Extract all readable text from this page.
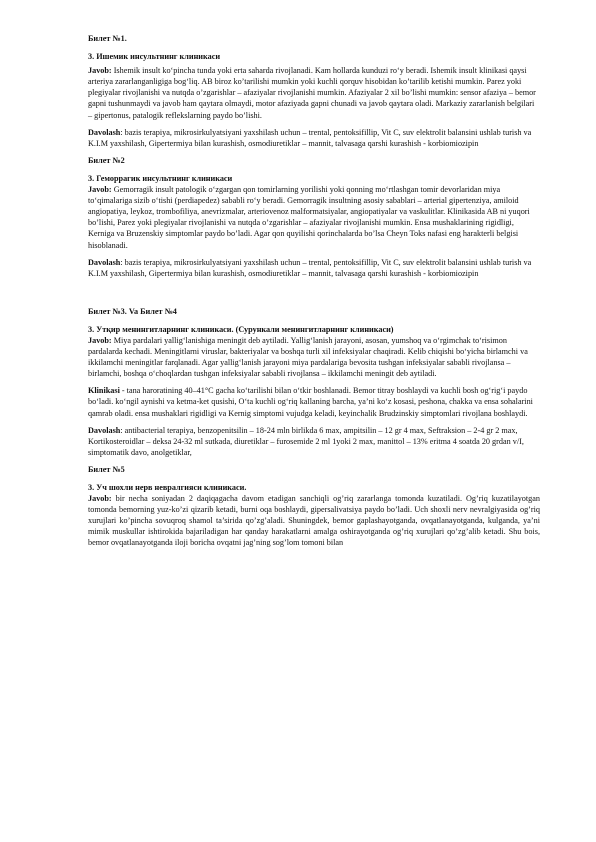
Билет №1.
3. Ишемик инсультнинг клиникаси

Javob: Ishemik insult ko‘pincha tunda yoki erta saharda rivojlanadi. Kam hollarda kunduzi ro‘y beradi. Ishemik insult klinikasi qaysi arteriya zararlanganligiga bog‘liq. AB biroz ko’tarilishi mumkin yoki kuchli qorquv hisobidan ko’tarilib ketishi mumkin. Parez yoki plegiyalar rivojlanishi va nutqda o’zgarishlar – afaziyalar rivojlanishi mumkin. Afaziyalar 2 xil bo’lishi mumkin: sensor afaziya – bemor gapni tushunmaydi va javob ham qaytara olmaydi, motor afaziyada gapni chunadi va javob qaytara oladi. Markaziy zararlanish belgilari – gipertonus, patalogik reflekslarning paydo bo’lishi.

Davolash: bazis terapiya, mikrosirkulyatsiyani yaxshilash uchun – trental, pentoksifillip, Vit C, suv elektrolit balansini ushlab turish va K.I.M yaxshilash, Gipertermiya bilan kurashish, osmodiuretiklar – mannit, talvasaga qarshi kurashish - korbiomiozipin

Билет №2
3. Геморрагик инсультнинг клиникаси

Javob: Gemorragik insult patologik o‘zgargan qon tomirlarning yorilishi yoki qonning mo‘rtlashgan tomir devorlaridan miya to‘qimalariga sizib o‘tishi (perdiapedez) sababli ro‘y beradi. Gemorragik insultning asosiy sabablari – arterial gipertenziya, amiloid angiopatiya, leykoz, trombofiliya, anevrizmalar, arteriovenoz malformatsiyalar, angiopatiyalar va vaskulitlar. Klinikasida AB ni yuqori bo’lishi, Parez yoki plegiyalar rivojlanishi va nutqda o’zgarishlar – afaziyalar rivojlanishi mumkin. Ensa mushaklarining rigidligi, Kerniga va Bruzenskiy simptomlar paydo bo’ladi. Agar qon quyilishi qorinchalarda bo’lsa Cheyn Toks nafasi eng harakterli belgisi hisoblanadi.

Davolash: bazis terapiya, mikrosirkulyatsiyani yaxshilash uchun – trental, pentoksifillip, Vit C, suv elektrolit balansini ushlab turish va K.I.M yaxshilash, Gipertermiya bilan kurashish, osmodiuretiklar – mannit, talvasaga qarshi kurashish - korbiomiozipin

Билет №3. Va Билет №4
3. Утқир менингитларнинг клиникаси. (Сурункали менингитларнинг клиникаси)

Javob: Miya pardalari yallig‘lanishiga meningit deb aytiladi. Yallig‘lanish jarayoni, asosan, yumshoq va o‘rgimchak to‘risimon pardalarda kechadi. Meningitlarni viruslar, bakteriyalar va boshqa turli xil infeksiyalar chaqiradi. Kelib chiqishi bo‘yicha birlamchi va ikkilamchi meningitlar farqlanadi. Agar yallig‘lanish jarayoni miya pardalariga bevosita tushgan infeksiyalar sababli rivojlansa – birlamchi, boshqa o‘choqlardan tushgan infeksiyalar sababli rivojlansa – ikkilamchi meningit deb aytiladi.

Klinikasi - tana haroratining 40–41°C gacha ko‘tarilishi bilan o‘tkir boshlanadi. Bemor titray boshlaydi va kuchli bosh og‘rig‘i paydo bo‘ladi. ko‘ngil aynishi va ketma-ket qusishi, O‘ta kuchli og‘riq kallaning barcha, ya’ni ko‘z kosasi, peshona, chakka va ensa sohalarini qamrab oladi. ensa mushaklari rigidligi va Kernig simptomi vujudga keladi, keyinchalik Brudzinskiy simptomlari rivojlana boshlaydi.

Davolash: antibacterial terapiya, benzopenitsilin – 18-24 mln birlikda 6 max, ampitsilin – 12 gr 4 max, Seftraksion – 2-4 gr 2 max, Kortikosteroidlar – deksa 24-32 ml sutkada, diuretiklar – furosemide 2 ml 1yoki 2 max, manittol – 13% eritma 4 soatda 20 grdan v/I, simptomatik davo, anolgetiklar,

Билет №5
3. Уч шохли нерв невралгияси клиникаси.

Javob: bir necha soniyadan 2 daqiqagacha davom etadigan sanchiqli og’riq zararlanga tomonda kuzatiladi. Og’riq kuzatilayotgan tomonda bemorning yuz-ko’zi qizarib ketadi, burni oqa boshlaydi, gipersalivatsiya paydo bo’ladi. Uch shoxli nerv nevralgiyasida og’riq xurujlari ko’pincha sovuqroq shamol ta’sirida qo’zg’aladi. Shuningdek, bemor gaplashayotganda, ovqatlanayotganda, kulganda, ya’ni mimik muskullar ishtirokida bajariladigan har qanday harakatlarni amalga oshirayotganda og’riq xurujlari qo’zg’alib ketadi. Shu bois, bemor ovqatlanayotganda iloji boricha ovqatni jag’ning sog’lom tomoni bilan
